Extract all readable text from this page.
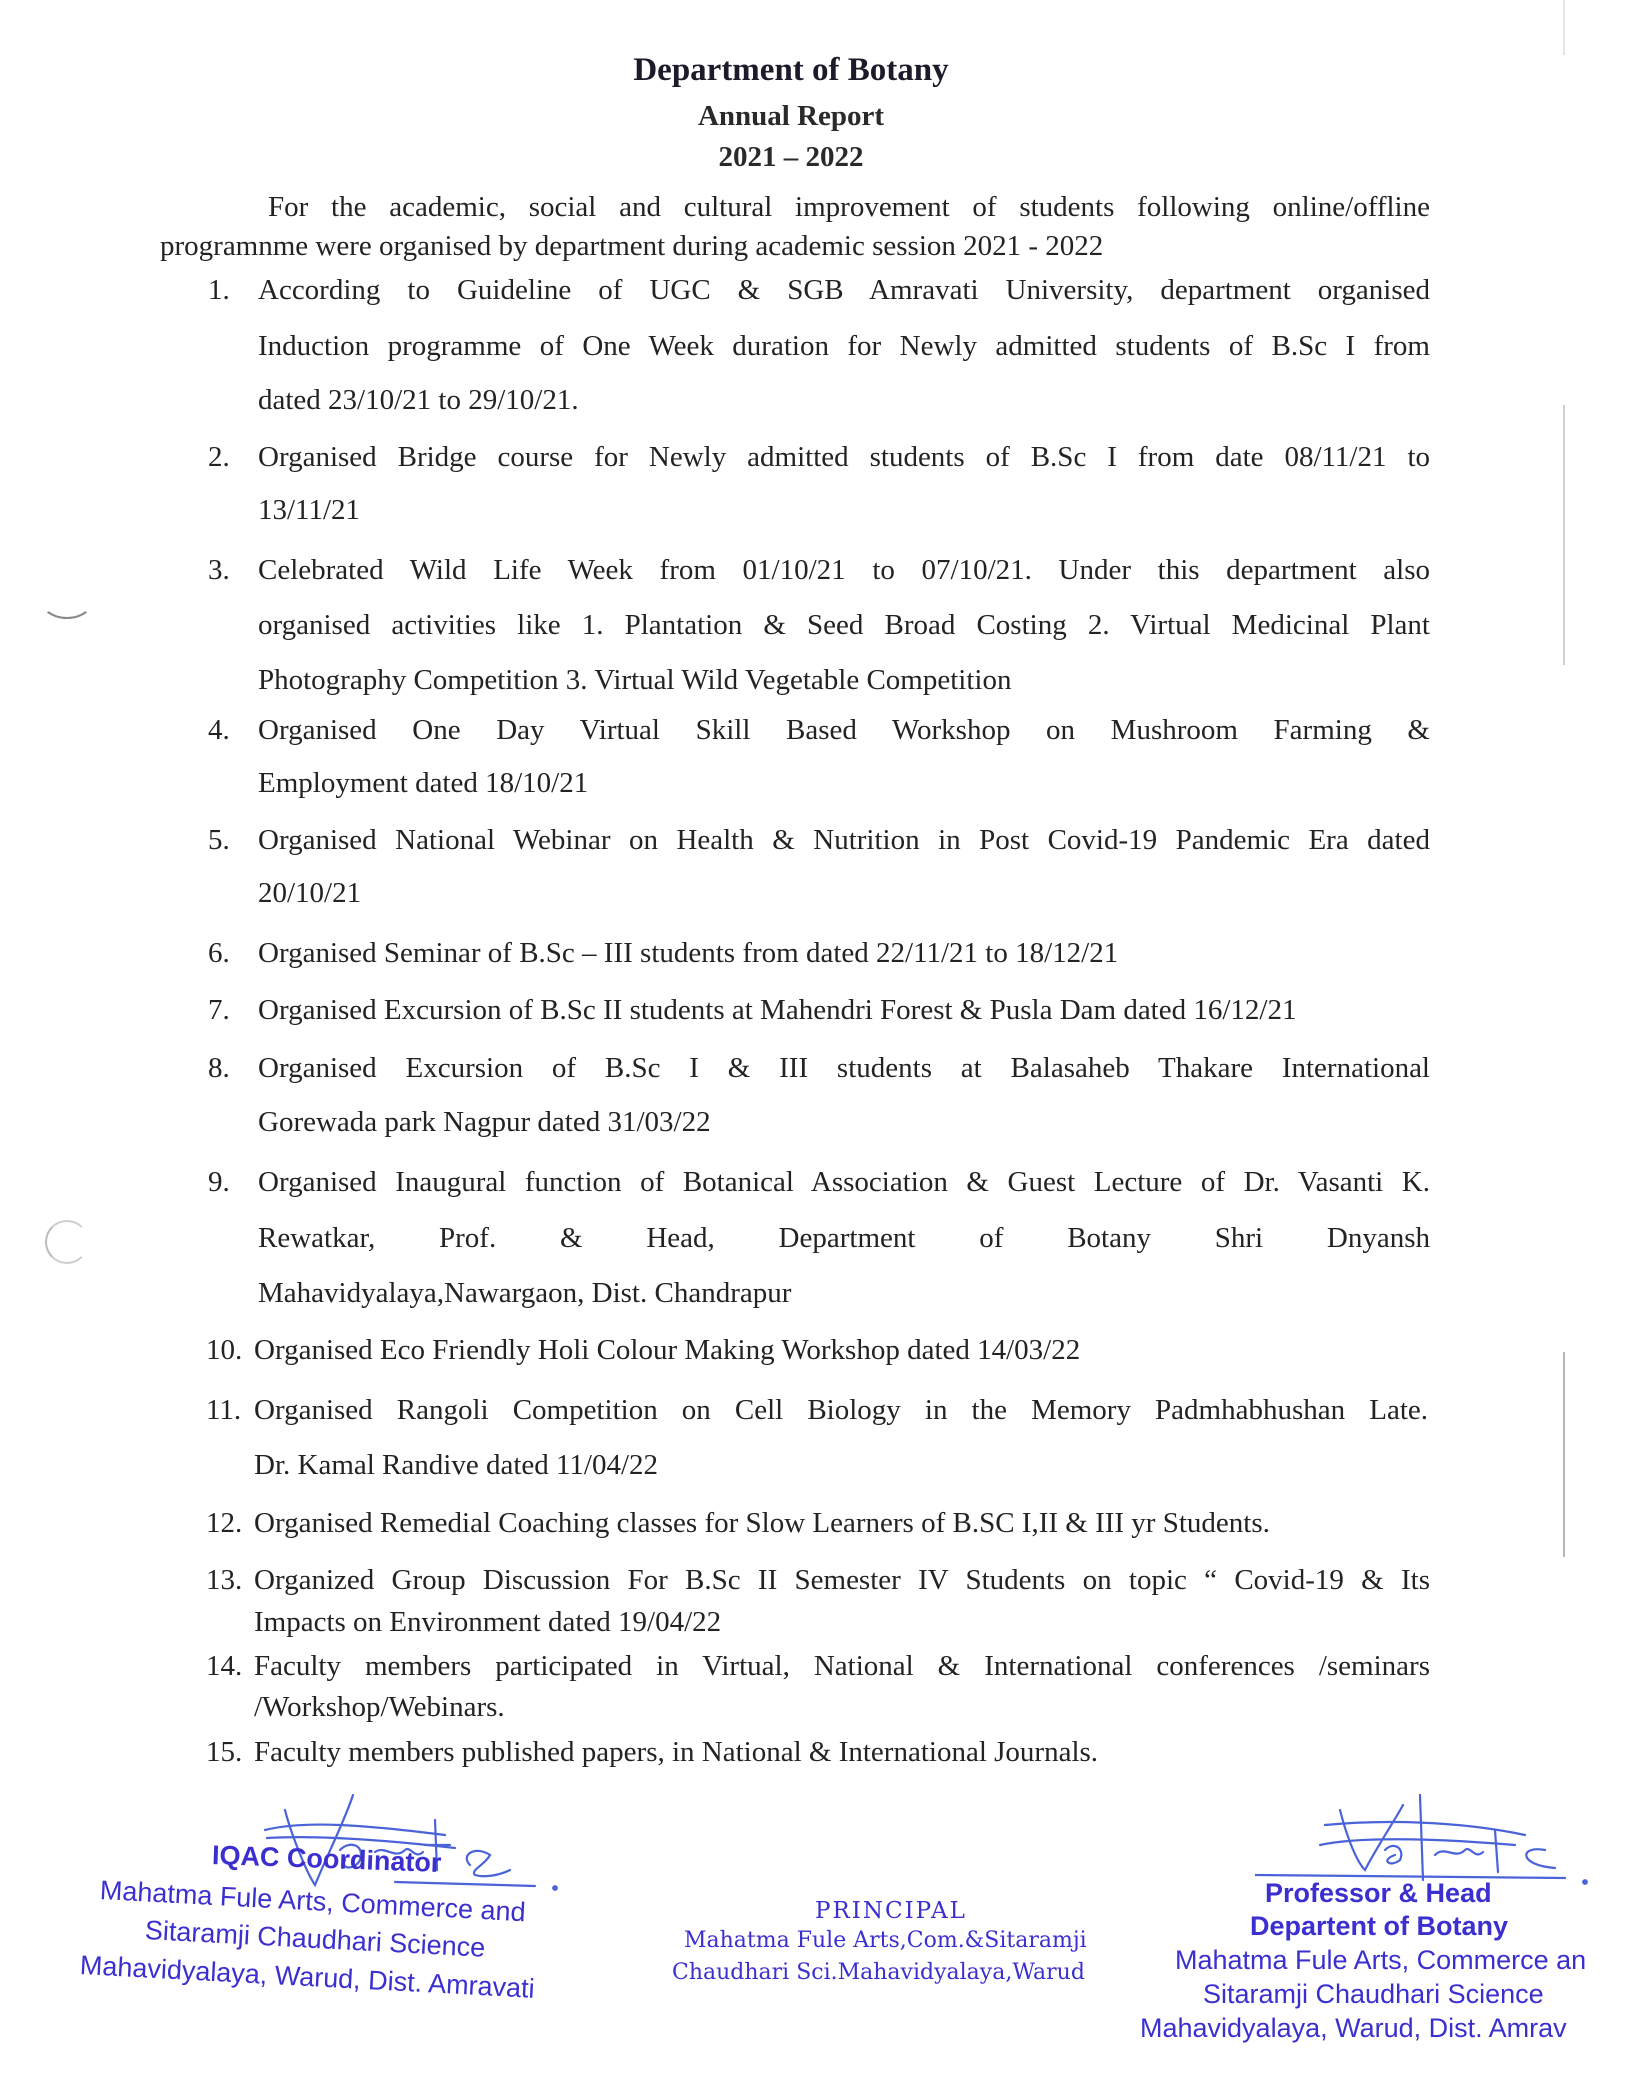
Department of Botany
Annual Report
2021 – 2022
For the academic, social and cultural improvement of students following online/offline
programnme were organised by department during academic session 2021 - 2022
1. According to Guideline of UGC & SGB Amravati University, department organised
Induction programme of One Week duration for Newly admitted students of B.Sc I from
dated 23/10/21 to 29/10/21.
2. Organised Bridge course for Newly admitted students of B.Sc I from date 08/11/21 to
13/11/21
3. Celebrated Wild Life Week from 01/10/21 to 07/10/21. Under this department also
organised activities like 1. Plantation & Seed Broad Costing 2. Virtual Medicinal Plant
Photography Competition 3. Virtual Wild Vegetable Competition
4. Organised One Day Virtual Skill Based Workshop on Mushroom Farming &
Employment dated 18/10/21
5. Organised National Webinar on Health & Nutrition in Post Covid-19 Pandemic Era dated
20/10/21
6. Organised Seminar of B.Sc – III students from dated 22/11/21 to 18/12/21
7. Organised Excursion of B.Sc II students at Mahendri Forest & Pusla Dam dated 16/12/21
8. Organised Excursion of B.Sc I & III students at Balasaheb Thakare International
Gorewada park Nagpur dated 31/03/22
9. Organised Inaugural function of Botanical Association & Guest Lecture of Dr. Vasanti K.
Rewatkar, Prof. & Head, Department of Botany Shri Dnyansh
Mahavidyalaya,Nawargaon, Dist. Chandrapur
10. Organised Eco Friendly Holi Colour Making Workshop dated 14/03/22
11. Organised Rangoli Competition on Cell Biology in the Memory Padmhabhushan Late.
Dr. Kamal Randive dated 11/04/22
12. Organised Remedial Coaching classes for Slow Learners of B.SC I,II & III yr Students.
13. Organized Group Discussion For B.Sc II Semester IV Students on topic “ Covid-19 & Its
Impacts on Environment dated 19/04/22
14. Faculty members participated in Virtual, National & International conferences /seminars
/Workshop/Webinars.
15. Faculty members published papers, in National & International Journals.
IQAC Coordinator
Mahatma Fule Arts, Commerce and
Sitaramji Chaudhari Science
Mahavidyalaya, Warud, Dist. Amravati
PRINCIPAL
Mahatma Fule Arts,Com.&Sitaramji
Chaudhari Sci.Mahavidyalaya,Warud
Professor & Head
Departent of Botany
Mahatma Fule Arts, Commerce an
Sitaramji Chaudhari Science
Mahavidyalaya, Warud, Dist. Amrav
